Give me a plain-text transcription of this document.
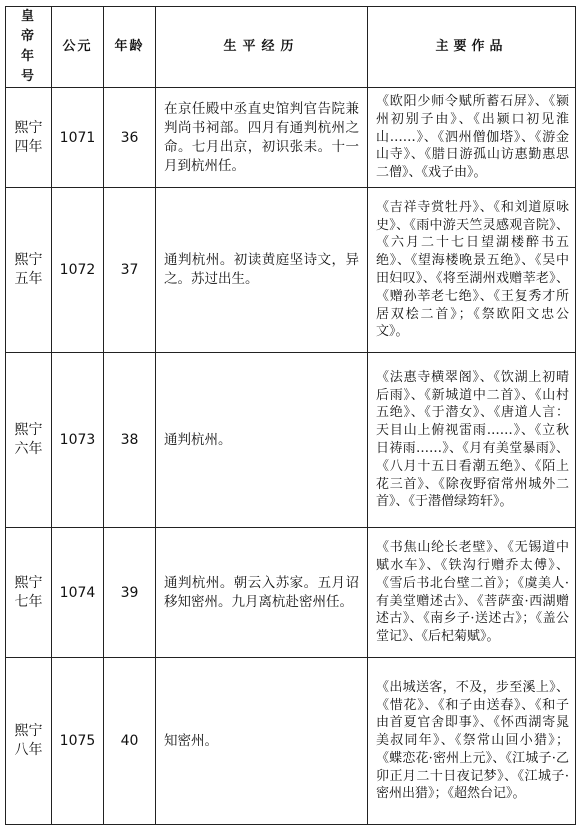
皇帝年号	公元	年龄	生平经历	主要作品
熙宁四年	1071	36	在京任殿中丞直史馆判官告院兼判尚书祠部。四月有通判杭州之命。七月出京，初识张耒。十一月到杭州任。	《欧阳少师令赋所蓄石屏》、《颍州初别子由》、《出颍口初见淮山……》、《泗州僧伽塔》、《游金山寺》、《腊日游孤山访惠勤惠思二僧》、《戏子由》。
熙宁五年	1072	37	通判杭州。初读黄庭坚诗文，异之。苏过出生。	《吉祥寺赏牡丹》、《和刘道原咏史》、《雨中游天竺灵感观音院》、《六月二十七日望湖楼醉书五绝》、《望海楼晚景五绝》、《吴中田妇叹》、《将至湖州戏赠莘老》、《赠孙莘老七绝》、《王复秀才所居双桧二首》；《祭欧阳文忠公文》。
熙宁六年	1073	38	通判杭州。	《法惠寺横翠阁》、《饮湖上初晴后雨》、《新城道中二首》、《山村五绝》、《于潜女》、《唐道人言：天目山上俯视雷雨……》、《立秋日祷雨……》、《月有美堂暴雨》、《八月十五日看潮五绝》、《陌上花三首》、《除夜野宿常州城外二首》、《于潜僧绿筠轩》。
熙宁七年	1074	39	通判杭州。朝云入苏家。五月诏移知密州。九月离杭赴密州任。	《书焦山纶长老壁》、《无锡道中赋水车》、《铁沟行赠乔太傅》、《雪后书北台壁二首》；《虞美人·有美堂赠述古》、《菩萨蛮·西湖赠述古》、《南乡子·送述古》；《盖公堂记》、《后杞菊赋》。
熙宁八年	1075	40	知密州。	《出城送客，不及，步至溪上》、《惜花》、《和子由送春》、《和子由首夏官舍即事》、《怀西湖寄晁美叔同年》、《祭常山回小猎》；《蝶恋花·密州上元》、《江城子·乙卯正月二十日夜记梦》、《江城子·密州出猎》；《超然台记》。
